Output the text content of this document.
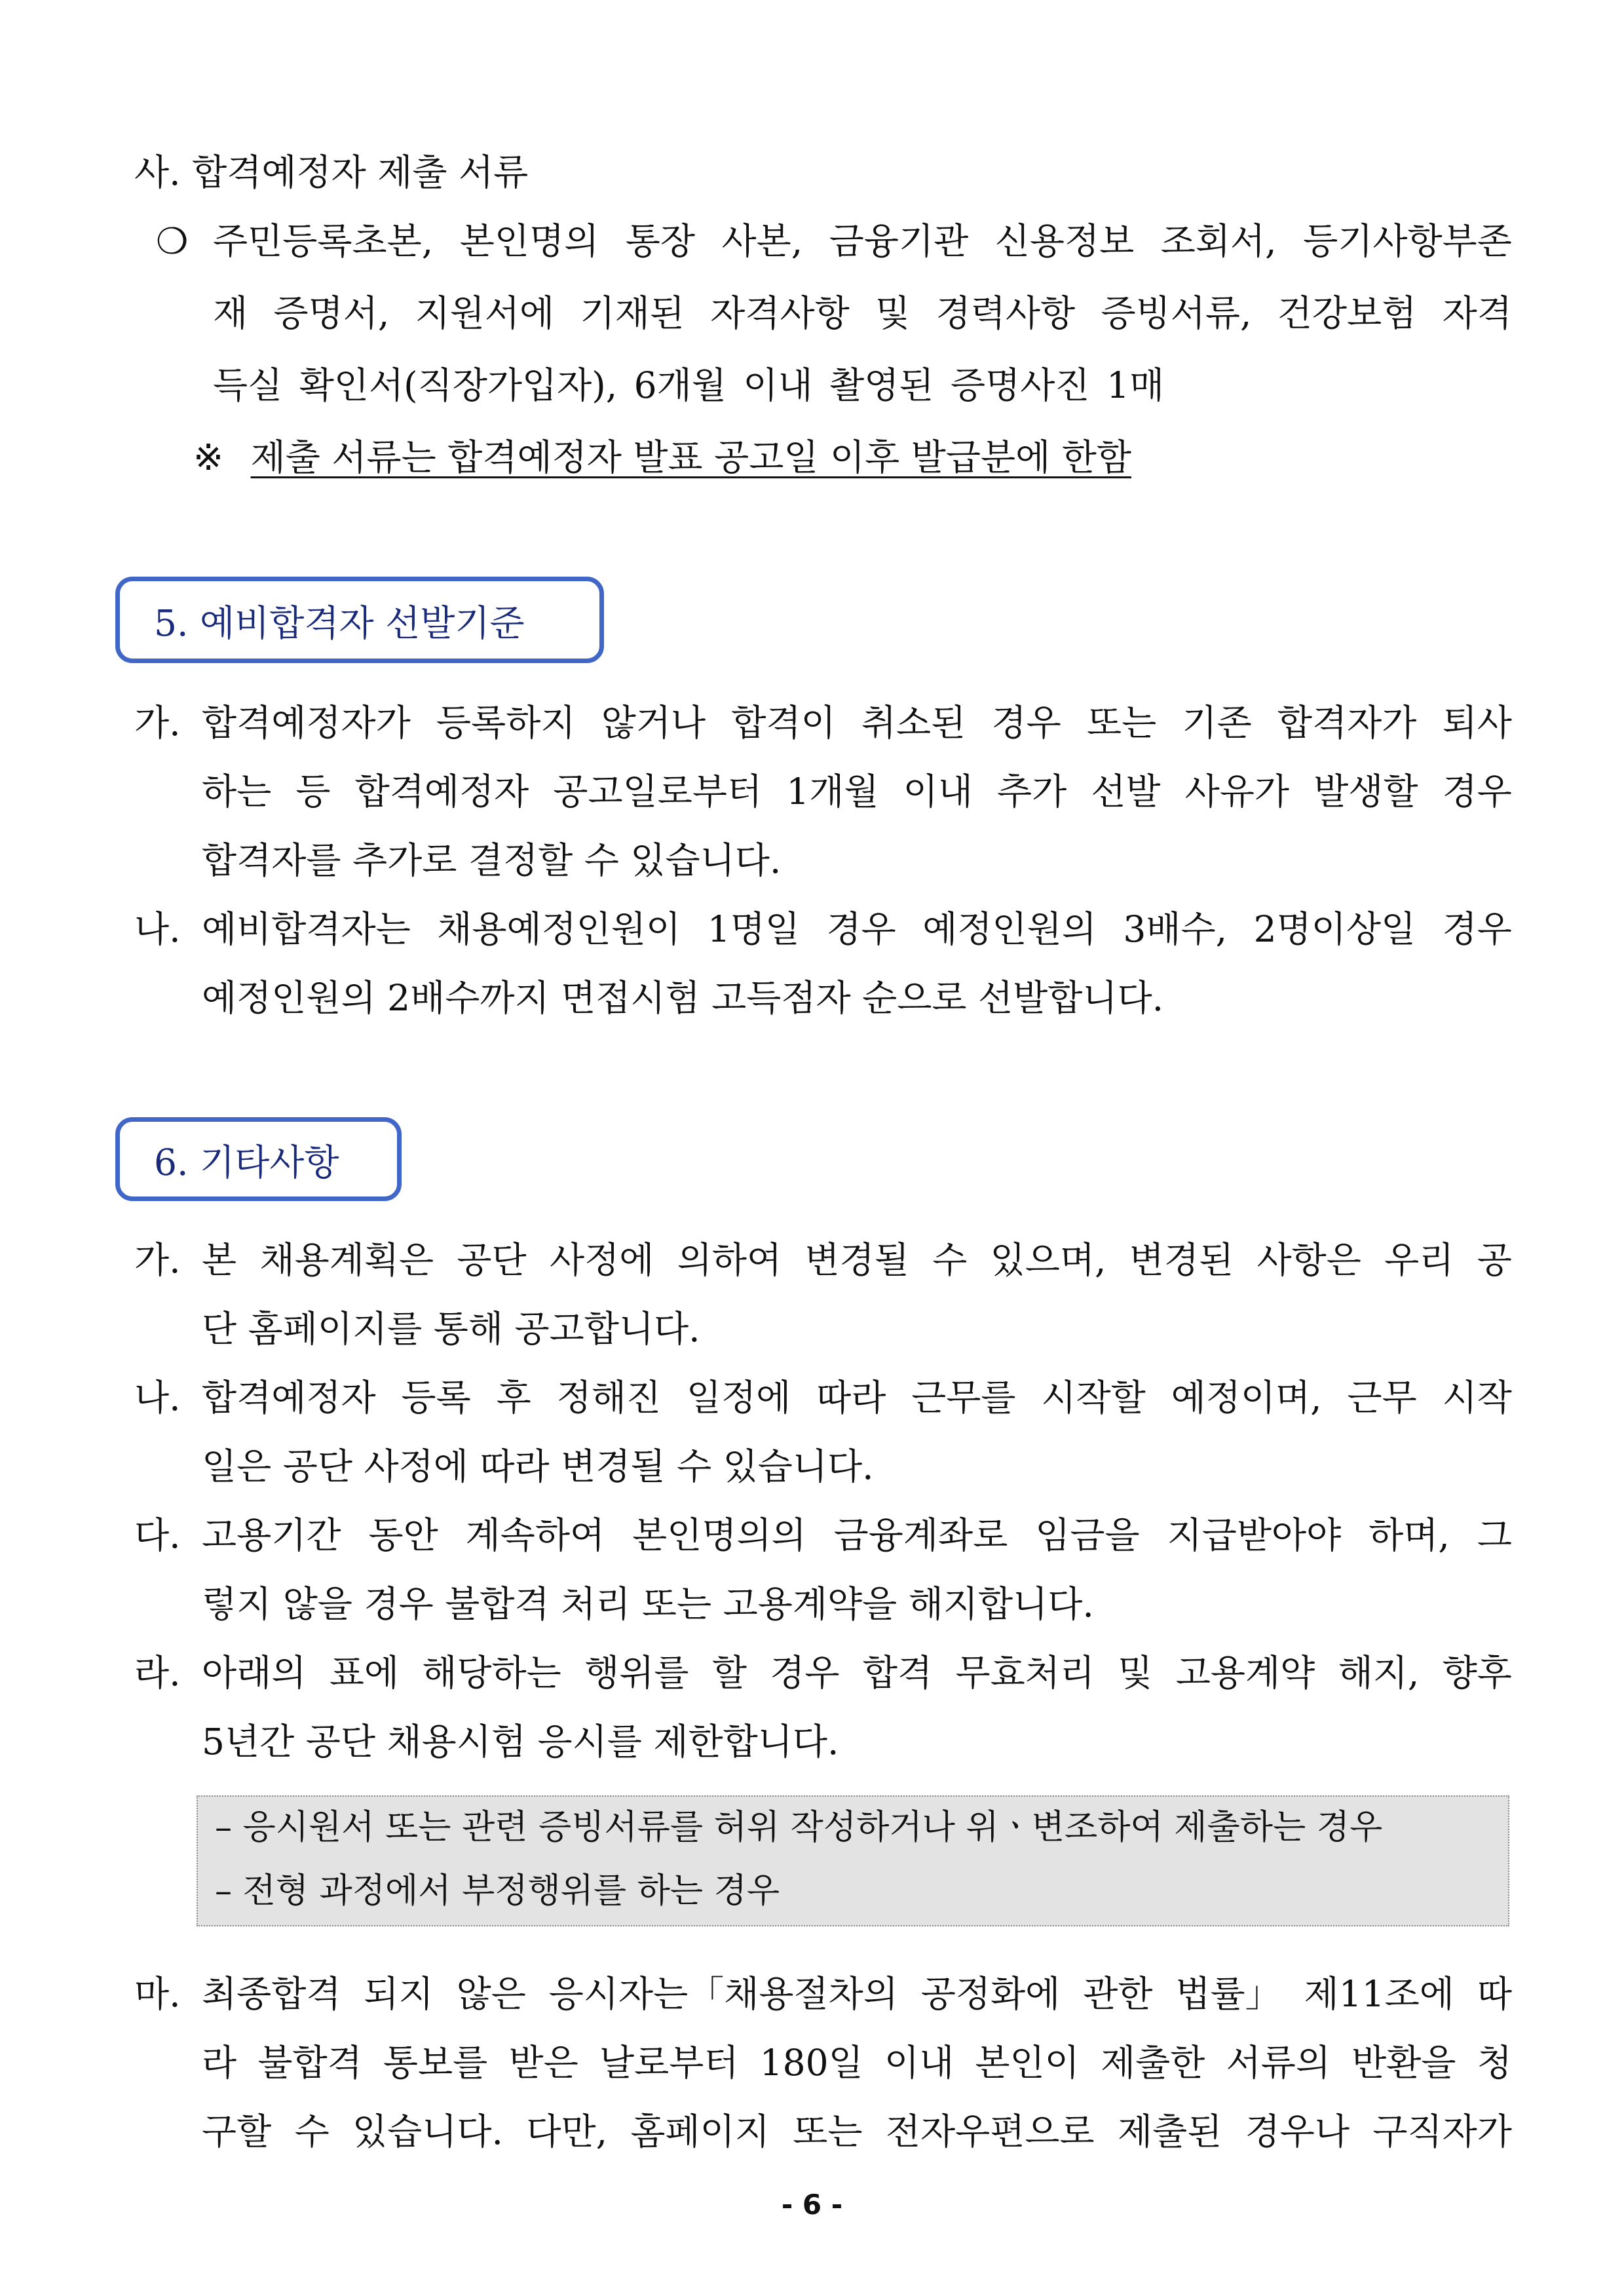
사. 합격예정자 제출 서류
❍ 주민등록초본, 본인명의 통장 사본, 금융기관 신용정보 조회서, 등기사항부존
재 증명서, 지원서에 기재된 자격사항 및 경력사항 증빙서류, 건강보험 자격
득실 확인서(직장가입자), 6개월 이내 촬영된 증명사진 1매
※ 제출 서류는 합격예정자 발표 공고일 이후 발급분에 한함
5. 예비합격자 선발기준
가. 합격예정자가 등록하지 않거나 합격이 취소된 경우 또는 기존 합격자가 퇴사
하는 등 합격예정자 공고일로부터 1개월 이내 추가 선발 사유가 발생할 경우
합격자를 추가로 결정할 수 있습니다.
나. 예비합격자는 채용예정인원이 1명일 경우 예정인원의 3배수, 2명이상일 경우
예정인원의 2배수까지 면접시험 고득점자 순으로 선발합니다.
6. 기타사항
가. 본 채용계획은 공단 사정에 의하여 변경될 수 있으며, 변경된 사항은 우리 공
단 홈페이지를 통해 공고합니다.
나. 합격예정자 등록 후 정해진 일정에 따라 근무를 시작할 예정이며, 근무 시작
일은 공단 사정에 따라 변경될 수 있습니다.
다. 고용기간 동안 계속하여 본인명의의 금융계좌로 임금을 지급받아야 하며, 그
렇지 않을 경우 불합격 처리 또는 고용계약을 해지합니다.
라. 아래의 표에 해당하는 행위를 할 경우 합격 무효처리 및 고용계약 해지, 향후
5년간 공단 채용시험 응시를 제한합니다.
– 응시원서 또는 관련 증빙서류를 허위 작성하거나 위ㆍ변조하여 제출하는 경우
– 전형 과정에서 부정행위를 하는 경우
마. 최종합격 되지 않은 응시자는「채용절차의 공정화에 관한 법률」 제11조에 따
라 불합격 통보를 받은 날로부터 180일 이내 본인이 제출한 서류의 반환을 청
구할 수 있습니다. 다만, 홈페이지 또는 전자우편으로 제출된 경우나 구직자가
- 6 -
